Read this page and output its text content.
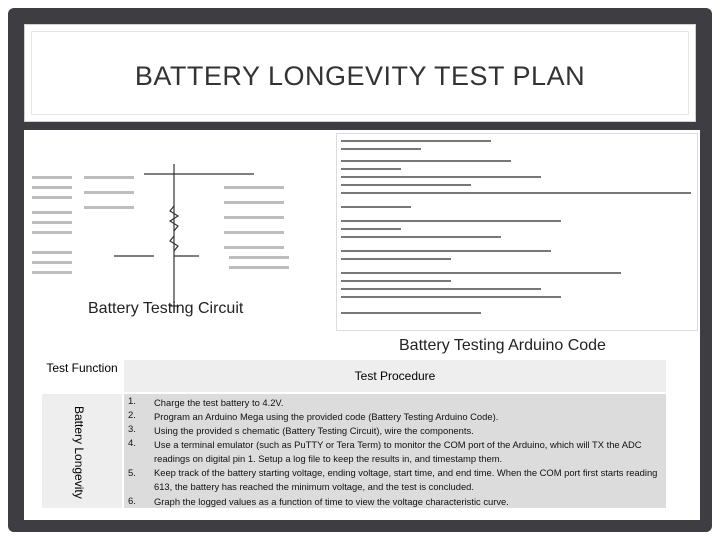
BATTERY LONGEVITY TEST PLAN
Battery Testing Circuit
Battery Testing Arduino Code
Test Function
Test Procedure
Battery Longevity
1. Charge the test battery to 4.2V.
2. Program an Arduino Mega using the provided code (Battery Testing Arduino Code).
3. Using the provided s chematic (Battery Testing Circuit), wire the components.
4. Use a terminal emulator (such as PuTTY or Tera Term) to monitor the COM port of the Arduino, which will TX the ADC readings on digital pin 1. Setup a log file to keep the results in, and timestamp them.
5. Keep track of the battery starting voltage, ending voltage, start time, and end time. When the COM port first starts reading 613, the battery has reached the minimum voltage, and the test is concluded.
6. Graph the logged values as a function of time to view the voltage characteristic curve.
